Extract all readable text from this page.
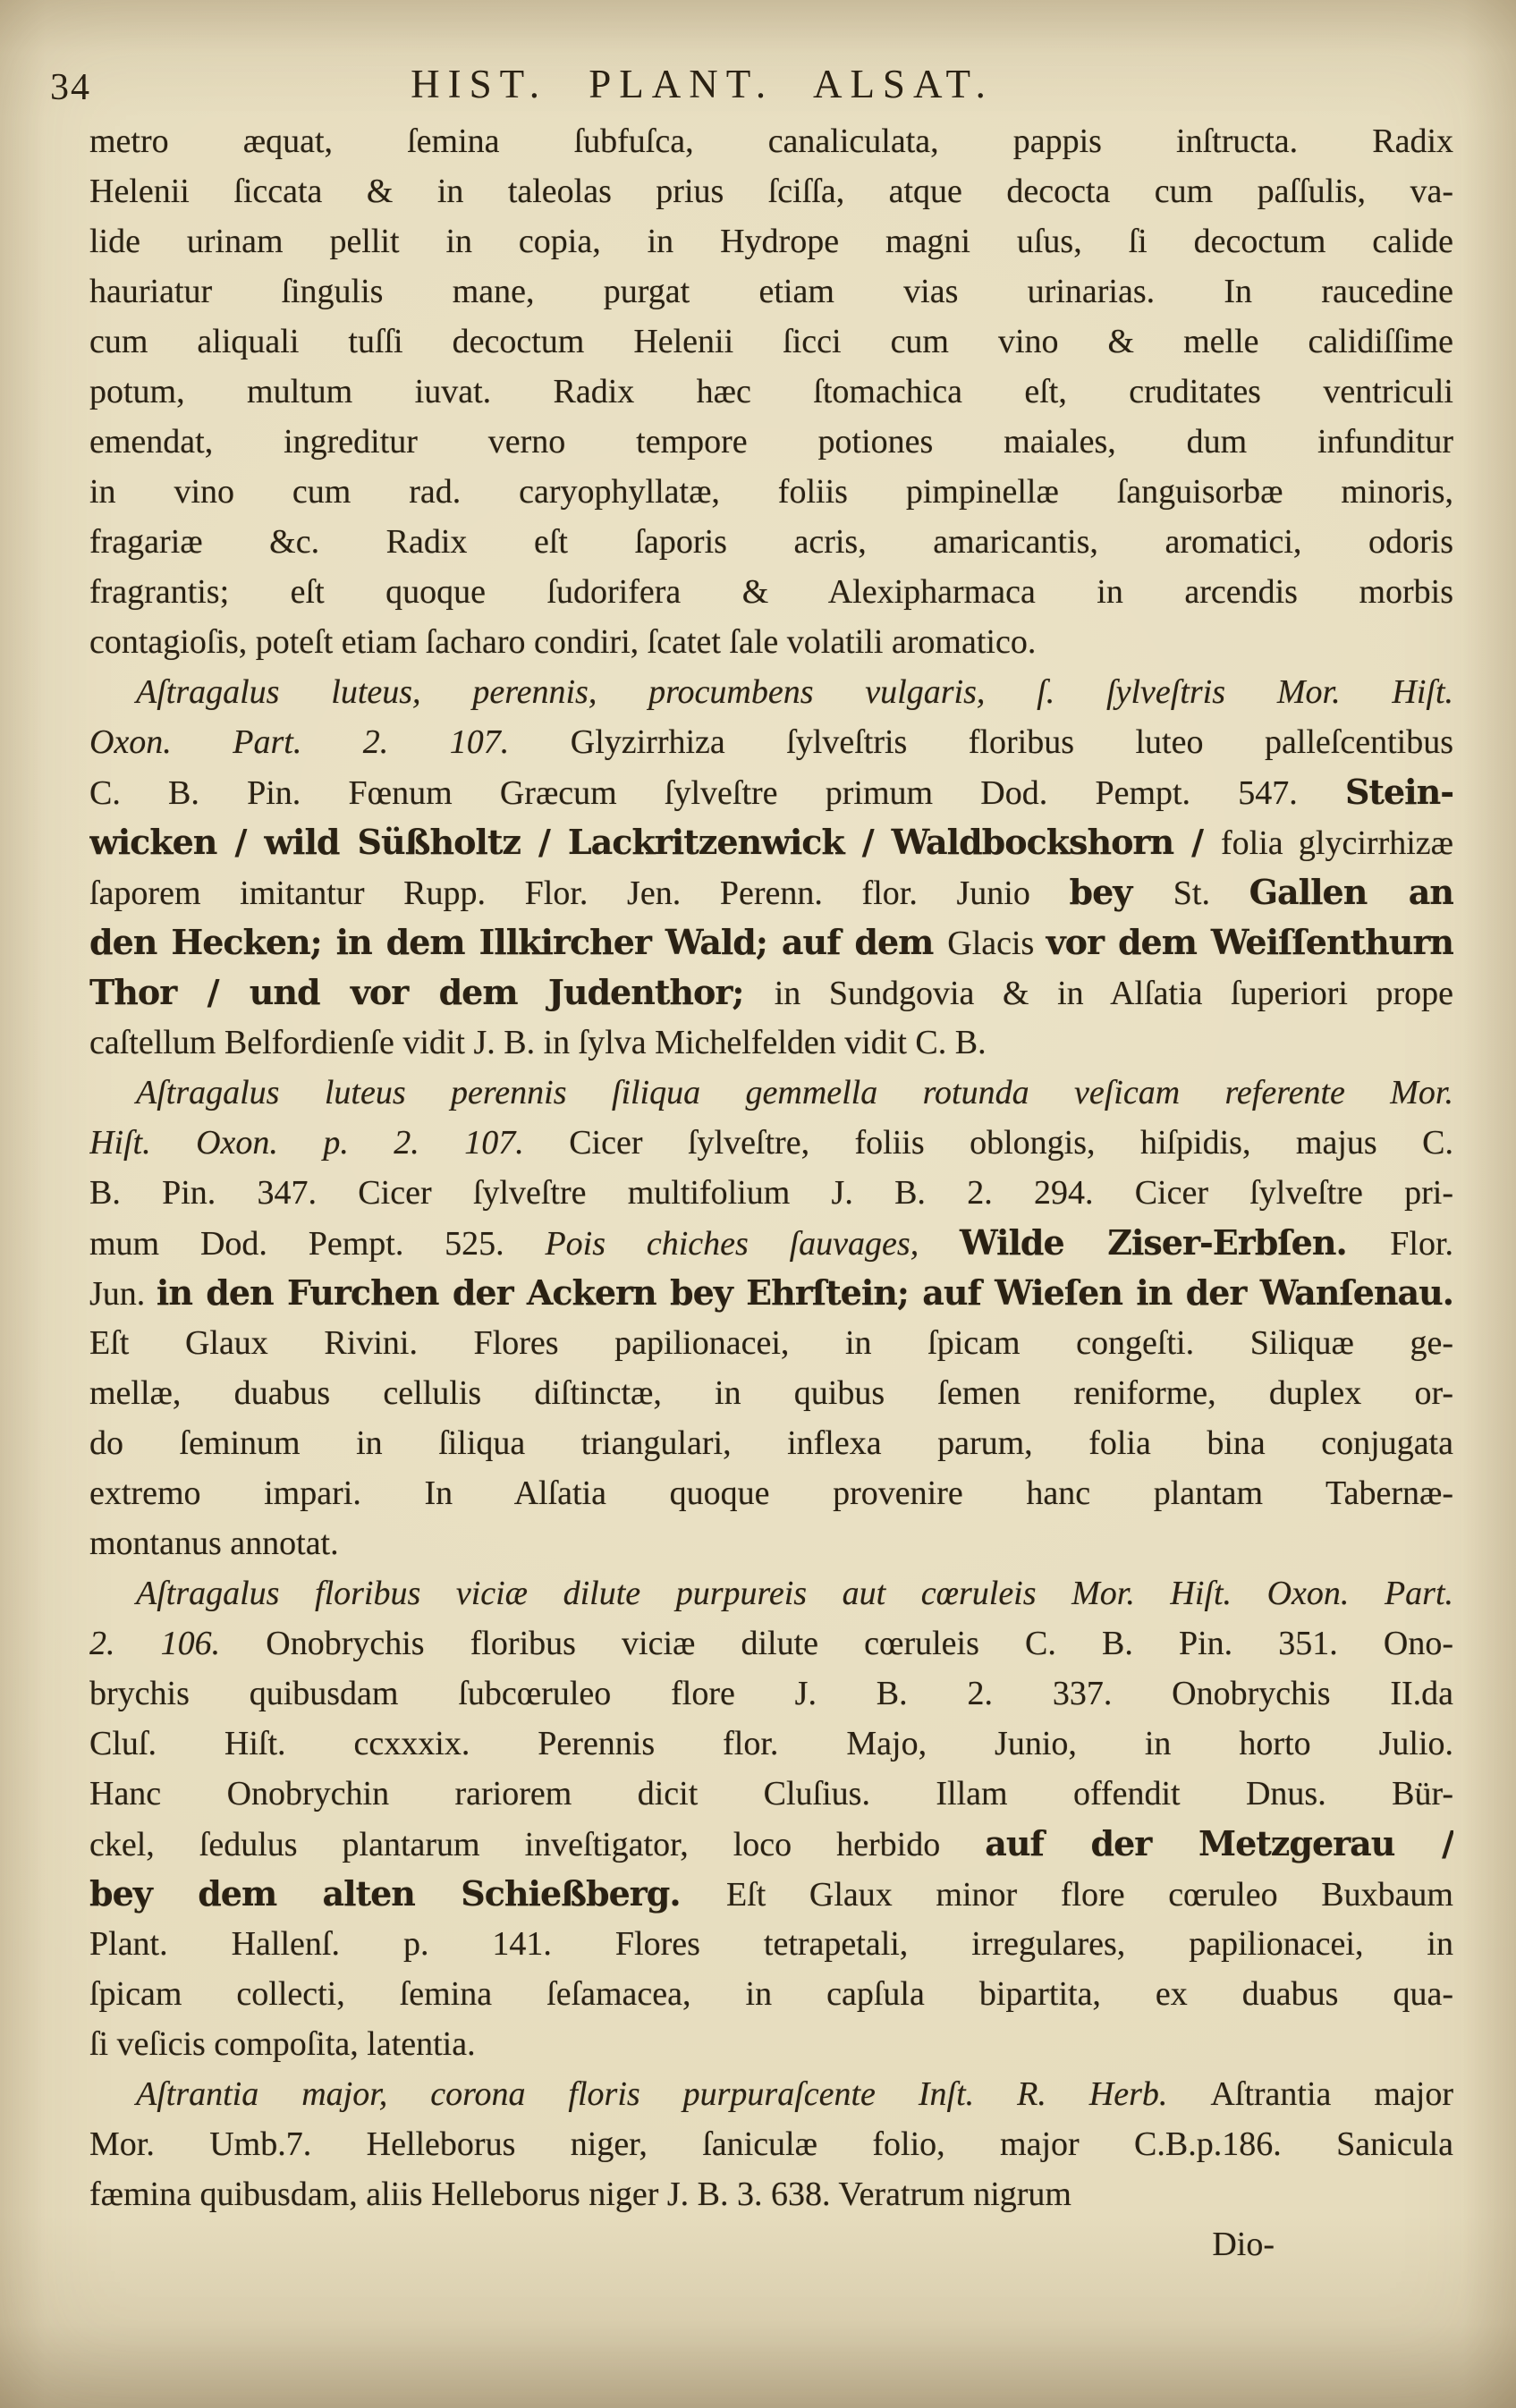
34	HIST. PLANT. ALSAT.
metro æquat, ſemina ſubfuſca, canaliculata, pappis inſtructa. Radix
Helenii ſiccata & in taleolas prius ſciſſa, atque decocta cum paſſulis, va-
lide urinam pellit in copia, in Hydrope magni uſus, ſi decoctum calide
hauriatur ſingulis mane, purgat etiam vias urinarias. In raucedine
cum aliquali tuſſi decoctum Helenii ſicci cum vino & melle calidiſſime
potum, multum iuvat. Radix hæc ſtomachica eſt, cruditates ventriculi
emendat, ingreditur verno tempore potiones maiales, dum infunditur
in vino cum rad. caryophyllatæ, foliis pimpinellæ ſanguisorbæ minoris,
fragariæ &c. Radix eſt ſaporis acris, amaricantis, aromatici, odoris
fragrantis; eſt quoque ſudorifera & Alexipharmaca in arcendis morbis
contagioſis, poteſt etiam ſacharo condiri, ſcatet ſale volatili aromatico.
Aſtragalus luteus, perennis, procumbens vulgaris, ſ. ſylveſtris Mor. Hiſt.
Oxon. Part. 2. 107. Glyzirrhiza ſylveſtris floribus luteo palleſcentibus
C. B. Pin. Fœnum Græcum ſylveſtre primum Dod. Pempt. 547. Stein-
wicken / wild Süßholtz / Lackritzenwick / Waldbockshorn / folia glycirrhizæ
ſaporem imitantur Rupp. Flor. Jen. Perenn. flor. Junio bey St. Gallen an
den Hecken; in dem Illkircher Wald; auf dem Glacis vor dem Weiſſenthurn
Thor / und vor dem Judenthor; in Sundgovia & in Alſatia ſuperiori prope
caſtellum Belfordienſe vidit J. B. in ſylva Michelfelden vidit C. B.
Aſtragalus luteus perennis ſiliqua gemmella rotunda veſicam referente Mor.
Hiſt. Oxon. p. 2. 107. Cicer ſylveſtre, foliis oblongis, hiſpidis, majus C.
B. Pin. 347. Cicer ſylveſtre multifolium J. B. 2. 294. Cicer ſylveſtre pri-
mum Dod. Pempt. 525. Pois chiches ſauvages, Wilde Ziser-Erbſen. Flor.
Jun. in den Furchen der Ackern bey Ehrſtein; auf Wieſen in der Wanſenau.
Eſt Glaux Rivini. Flores papilionacei, in ſpicam congeſti. Siliquæ ge-
mellæ, duabus cellulis diſtinctæ, in quibus ſemen reniforme, duplex or-
do ſeminum in ſiliqua triangulari, inflexa parum, folia bina conjugata
extremo impari. In Alſatia quoque provenire hanc plantam Tabernæ-
montanus annotat.
Aſtragalus floribus viciæ dilute purpureis aut cœruleis Mor. Hiſt. Oxon. Part.
2. 106. Onobrychis floribus viciæ dilute cœruleis C. B. Pin. 351. Ono-
brychis quibusdam ſubcœruleo flore J. B. 2. 337. Onobrychis II.da
Cluſ. Hiſt. ccxxxix. Perennis flor. Majo, Junio, in horto Julio.
Hanc Onobrychin rariorem dicit Cluſius. Illam offendit Dnus. Bür-
ckel, ſedulus plantarum inveſtigator, loco herbido auf der Metzgerau /
bey dem alten Schießberg. Eſt Glaux minor flore cœruleo Buxbaum
Plant. Hallenſ. p. 141. Flores tetrapetali, irregulares, papilionacei, in
ſpicam collecti, ſemina ſeſamacea, in capſula bipartita, ex duabus qua-
ſi veſicis compoſita, latentia.
Aſtrantia major, corona floris purpuraſcente Inſt. R. Herb. Aſtrantia major
Mor. Umb.7. Helleborus niger, ſaniculæ folio, major C.B.p.186. Sanicula
fæmina quibusdam, aliis Helleborus niger J. B. 3. 638. Veratrum nigrum
Dio-
